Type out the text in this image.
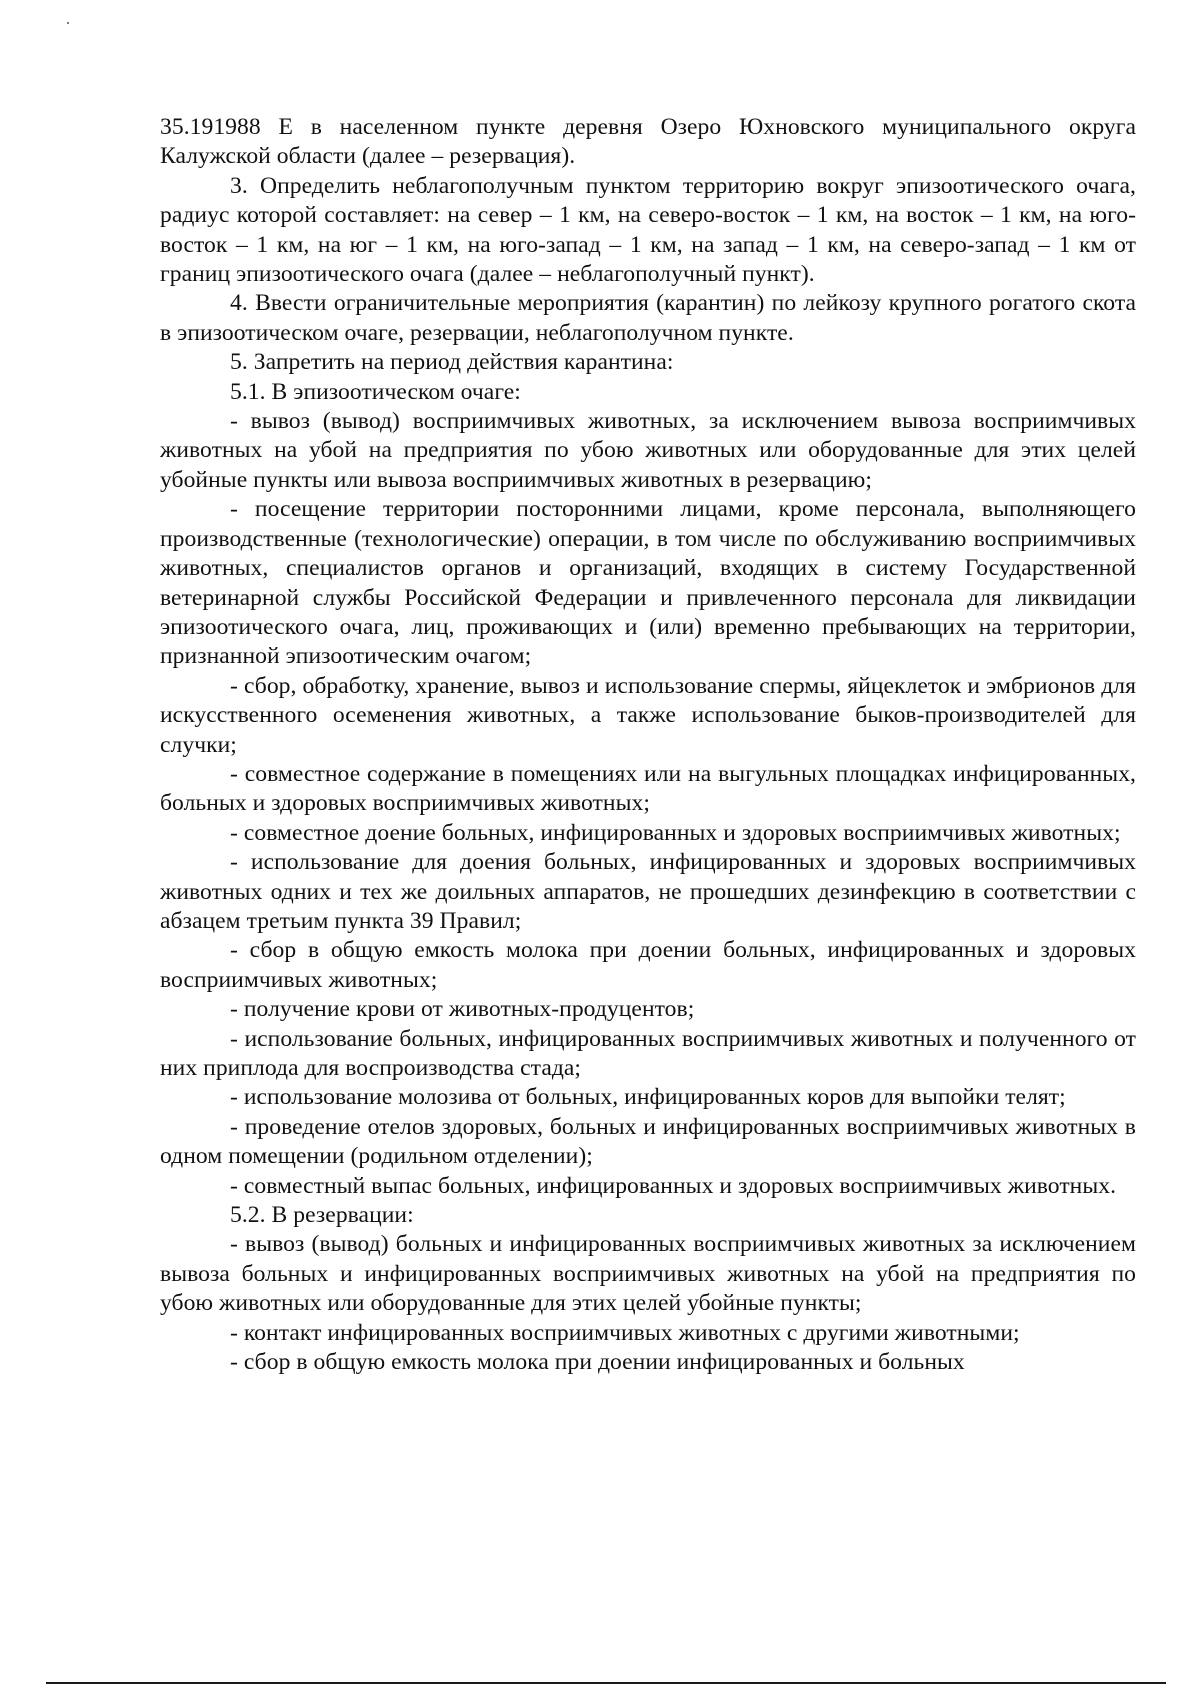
35.191988 E в населенном пункте деревня Озеро Юхновского муниципального округа Калужской области (далее – резервация).

3. Определить неблагополучным пунктом территорию вокруг эпизоотического очага, радиус которой составляет: на север – 1 км, на северо-восток – 1 км, на восток – 1 км, на юго-восток – 1 км, на юг – 1 км, на юго-запад – 1 км, на запад – 1 км, на северо-запад – 1 км от границ эпизоотического очага (далее – неблагополучный пункт).

4. Ввести ограничительные мероприятия (карантин) по лейкозу крупного рогатого скота в эпизоотическом очаге, резервации, неблагополучном пункте.

5. Запретить на период действия карантина:

5.1. В эпизоотическом очаге:

- вывоз (вывод) восприимчивых животных, за исключением вывоза восприимчивых животных на убой на предприятия по убою животных или оборудованные для этих целей убойные пункты или вывоза восприимчивых животных в резервацию;

- посещение территории посторонними лицами, кроме персонала, выполняющего производственные (технологические) операции, в том числе по обслуживанию восприимчивых животных, специалистов органов и организаций, входящих в систему Государственной ветеринарной службы Российской Федерации и привлеченного персонала для ликвидации эпизоотического очага, лиц, проживающих и (или) временно пребывающих на территории, признанной эпизоотическим очагом;

- сбор, обработку, хранение, вывоз и использование спермы, яйцеклеток и эмбрионов для искусственного осеменения животных, а также использование быков-производителей для случки;

- совместное содержание в помещениях или на выгульных площадках инфицированных, больных и здоровых восприимчивых животных;

- совместное доение больных, инфицированных и здоровых восприимчивых животных;

- использование для доения больных, инфицированных и здоровых восприимчивых животных одних и тех же доильных аппаратов, не прошедших дезинфекцию в соответствии с абзацем третьим пункта 39 Правил;

- сбор в общую емкость молока при доении больных, инфицированных и здоровых восприимчивых животных;

- получение крови от животных-продуцентов;

- использование больных, инфицированных восприимчивых животных и полученного от них приплода для воспроизводства стада;

- использование молозива от больных, инфицированных коров для выпойки телят;

- проведение отелов здоровых, больных и инфицированных восприимчивых животных в одном помещении (родильном отделении);

- совместный выпас больных, инфицированных и здоровых восприимчивых животных.

5.2. В резервации:

- вывоз (вывод) больных и инфицированных восприимчивых животных за исключением вывоза больных и инфицированных восприимчивых животных на убой на предприятия по убою животных или оборудованные для этих целей убойные пункты;

- контакт инфицированных восприимчивых животных с другими животными;

- сбор в общую емкость молока при доении инфицированных и больных
